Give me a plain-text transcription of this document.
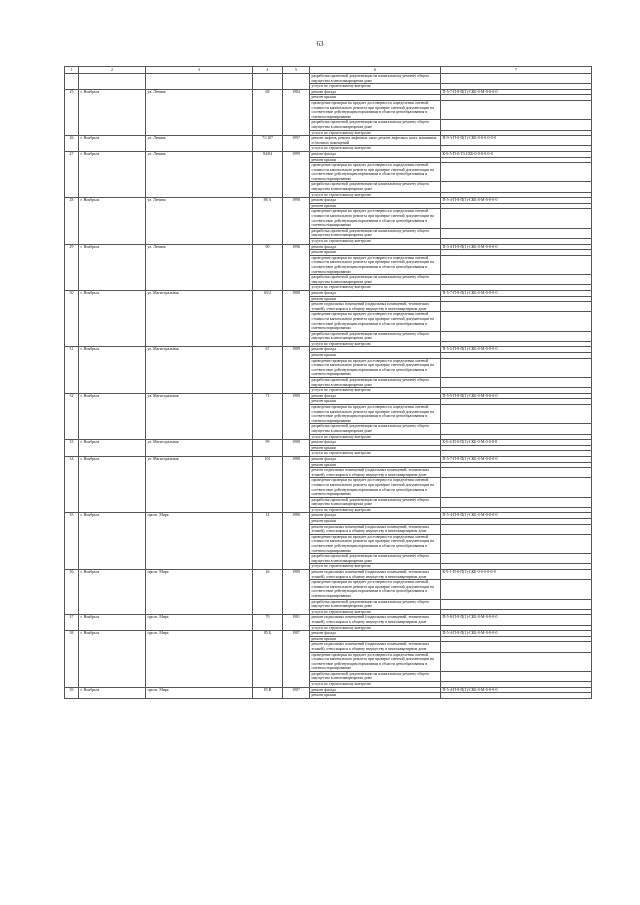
63
1	2	3	4	5	6	7
					разработка проектной документации на капитальному ремонту общего имущества в многоквартирном доме	
					услуги по строительному контролю	
25	г. Ноябрьск	ул. Ленина	68	1984	ремонт фасада	П-5-7-П-8-П(1)-СКБ-0-М-0-0-0-0
					ремонт крыши	
					проведение проверки на предмет достоверности определения сметной стоимости капитального ремонта при проверке сметной документации на соответствие действующим нормативам в области ценообразования в сметном нормировании	
					разработка проектной документации на капитальному ремонту общего имущества в многоквартирном доме	
					услуги по строительному контролю	
26	г. Ноябрьск	ул. Ленина	71/107	1997	ремонт лифтов, ремонт лифтовых шахт, ремонт лифтовых шахт, машинных и блочных помещений	П-9-3-П-0-П(1)-СКБ-0-0-0-0-0-0
					услуги по строительному контролю	
27	г. Ноябрьск	ул. Ленина	84/84	1999	ремонт фасада	К-9-5-П-0-Т3-СКБ-0-0-0-0-0-0
					ремонт крыши	
					проведение проверки на предмет достоверности определения сметной стоимости капитального ремонта при проверке сметной документации на соответствие действующим нормативам в области ценообразования в сметном нормировании	
					разработка проектной документации на капитальному ремонту общего имущества в многоквартирном доме	
					услуги по строительному контролю	
28	г. Ноябрьск	ул. Ленина	88 А	1998	ремонт фасада	П-5-4-П-8-П(1)-СКБ-0-М-0-0-0-0
					ремонт крыши	
					проведение проверки на предмет достоверности определения сметной стоимости капитального ремонта при проверке сметной документации на соответствие действующим нормативам в области ценообразования в сметном нормировании	
					разработка проектной документации на капитальному ремонту общего имущества в многоквартирном доме	
					услуги по строительному контролю	
29	г. Ноябрьск	ул. Ленина	90	1996	ремонт фасада	П-3-4-П-8-П(1)-СКБ-0-М-0-0-0-0
					ремонт крыши	
					проведение проверки на предмет достоверности определения сметной стоимости капитального ремонта при проверке сметной документации на соответствие действующим нормативам в области ценообразования в сметном нормировании	
					разработка проектной документации на капитальному ремонту общего имущества в многоквартирном доме	
					услуги по строительному контролю	
30	г. Ноябрьск	ул. Магистральная	65/2	1988	ремонт фасада	П-5-7-П-8-П(1)-СКБ-0-М-0-0-0-0
					ремонт крыши	
					ремонт подвальных помещений (подвальных помещений, технических этажей), относящихся к общему имуществу в многоквартирном доме	
					проведение проверки на предмет достоверности определения сметной стоимости капитального ремонта при проверке сметной документации на соответствие действующим нормативам в области ценообразования в сметном нормировании	
					разработка проектной документации на капитальному ремонту общего имущества в многоквартирном доме	
					услуги по строительному контролю	
31	г. Ноябрьск	ул. Магистральная	67	1989	ремонт фасада	П-5-5-П-8-П(1)-СКБ-0-М-0-0-0-0
					ремонт крыши	
					проведение проверки на предмет достоверности определения сметной стоимости капитального ремонта при проверке сметной документации на соответствие действующим нормативам в области ценообразования в сметном нормировании	
					разработка проектной документации на капитальному ремонту общего имущества в многоквартирном доме	
					услуги по строительному контролю	
32	г. Ноябрьск	ул. Магистральная	71	1989	ремонт фасада	П-5-5-П-8-П(1)-СКБ-0-М-0-0-0-0
					ремонт крыши	
					проведение проверки на предмет достоверности определения сметной стоимости капитального ремонта при проверке сметной документации на соответствие действующим нормативам в области ценообразования в сметном нормировании	
					разработка проектной документации на капитальному ремонту общего имущества в многоквартирном доме	
					услуги по строительному контролю	
33	г. Ноябрьск	ул. Магистральная	99	1988	ремонт фасада	К-6-4-П-0-П(1)-СКБ-0-М-0-0-0-0
					ремонт крыши	
					услуги по строительному контролю	
34	г. Ноябрьск	ул. Магистральная	101	1988	ремонт фасада	П-5-7-П-8-П(1)-СКБ-0-М-0-0-0-0
					ремонт крыши	
					ремонт подвальных помещений (подвальных помещений, технических этажей), относящихся к общему имуществу в многоквартирном доме	
					проведение проверки на предмет достоверности определения сметной стоимости капитального ремонта при проверке сметной документации на соответствие действующим нормативам в области ценообразования в сметном нормировании	
					разработка проектной документации на капитальному ремонту общего имущества в многоквартирном доме	
					услуги по строительному контролю	
35	г. Ноябрьск	просп. Мира	14	1986	ремонт фасада	П-5-4-П-8-П(1)-СКБ-0-М-0-0-0-0
					ремонт крыши	
					ремонт подвальных помещений (подвальных помещений, технических этажей), относящихся к общему имуществу в многоквартирном доме	
					проведение проверки на предмет достоверности определения сметной стоимости капитального ремонта при проверке сметной документации на соответствие действующим нормативам в области ценообразования в сметном нормировании	
					разработка проектной документации на капитальному ремонту общего имущества в многоквартирном доме	
					услуги по строительному контролю	
36	г. Ноябрьск	просп. Мира	26	1989	ремонт подвальных помещений (подвальных помещений, технических этажей), относящихся к общему имуществу в многоквартирном доме	К-9-1-П-0-П(1)-СКБ-0-0-0-0-0-0
					проведение проверки на предмет достоверности определения сметной стоимости капитального ремонта при проверке сметной документации на соответствие действующим нормативам в области ценообразования в сметном нормировании	
					разработка проектной документации на капитальному ремонту общего имущества в многоквартирном доме	
					услуги по строительному контролю	
37	г. Ноябрьск	просп. Мира	79	1981	ремонт подвальных помещений (подвальных помещений, технических этажей), относящихся к общему имуществу в многоквартирном доме	П-5-8-П-8-П(1)-СКБ-0-М-0-0-0-0
					услуги по строительному контролю	
38	г. Ноябрьск	просп. Мира	85 Б	1987	ремонт фасада	П-5-4-П-8-П(1)-СКБ-0-М-0-0-0-0
					ремонт крыши	
					ремонт подвальных помещений (подвальных помещений, технических этажей), относящихся к общему имуществу в многоквартирном доме	
					проведение проверки на предмет достоверности определения сметной стоимости капитального ремонта при проверке сметной документации на соответствие действующим нормативам в области ценообразования в сметном нормировании	
					разработка проектной документации на капитальному ремонту общего имущества в многоквартирном доме	
					услуги по строительному контролю	
39	г. Ноябрьск	просп. Мира	85 В	1987	ремонт фасада	П-5-4-П-8-П(1)-СКБ-0-М-0-0-0-0
					ремонт крыши	
